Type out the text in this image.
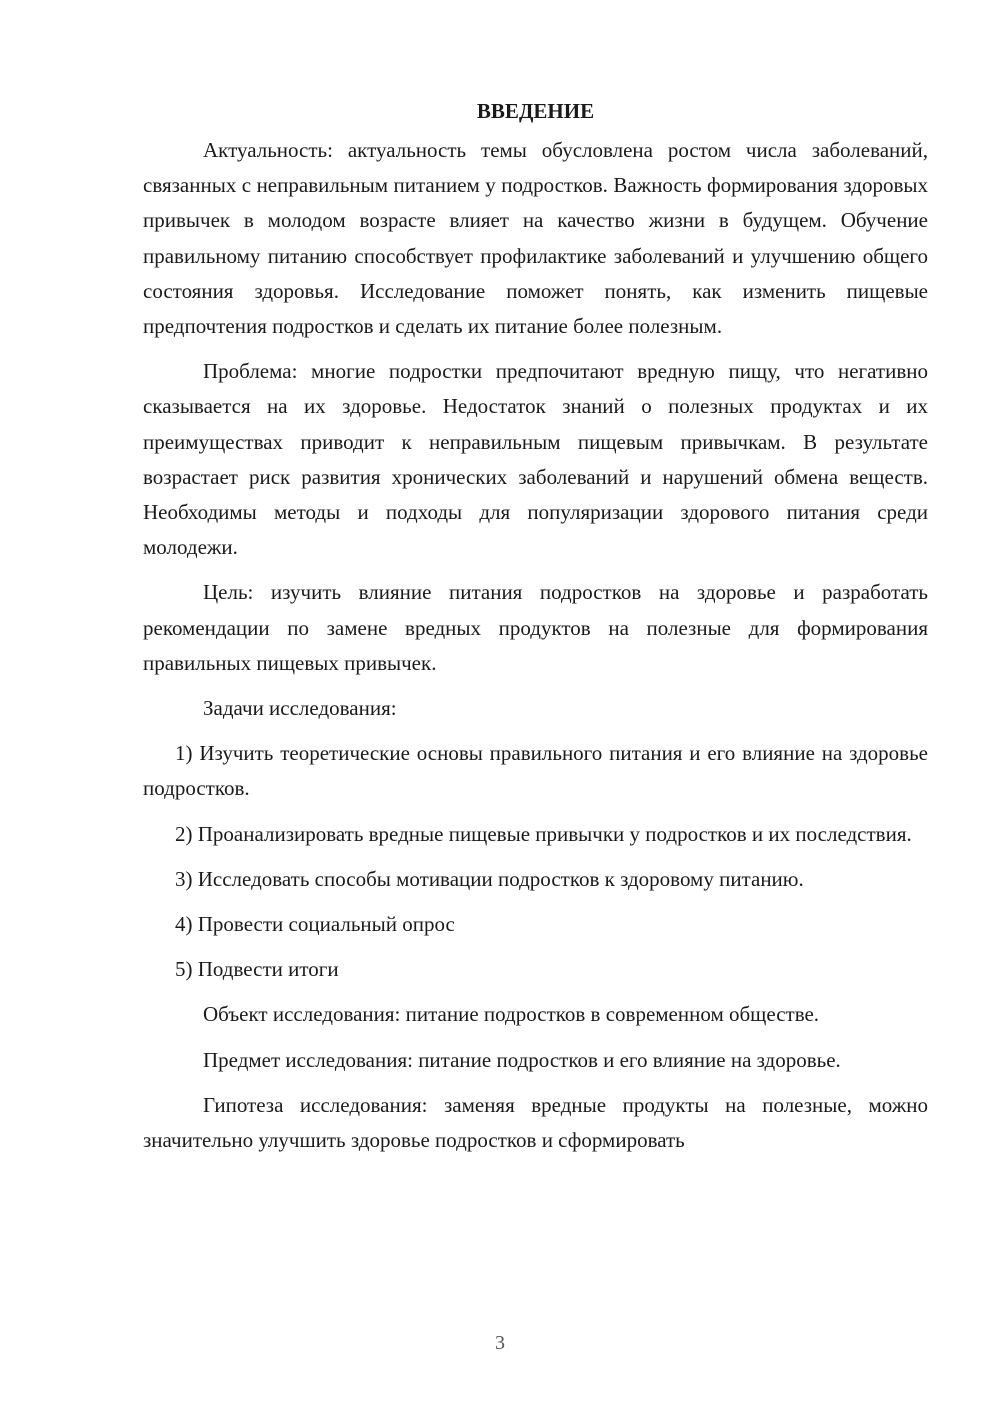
ВВЕДЕНИЕ

Актуальность: актуальность темы обусловлена ростом числа заболеваний, связанных с неправильным питанием у подростков. Важность формирования здоровых привычек в молодом возрасте влияет на качество жизни в будущем. Обучение правильному питанию способствует профилактике заболеваний и улучшению общего состояния здоровья. Исследование поможет понять, как изменить пищевые предпочтения подростков и сделать их питание более полезным.

Проблема: многие подростки предпочитают вредную пищу, что негативно сказывается на их здоровье. Недостаток знаний о полезных продуктах и их преимуществах приводит к неправильным пищевым привычкам. В результате возрастает риск развития хронических заболеваний и нарушений обмена веществ. Необходимы методы и подходы для популяризации здорового питания среди молодежи.

Цель: изучить влияние питания подростков на здоровье и разработать рекомендации по замене вредных продуктов на полезные для формирования правильных пищевых привычек.

Задачи исследования:

1) Изучить теоретические основы правильного питания и его влияние на здоровье подростков.

2) Проанализировать вредные пищевые привычки у подростков и их последствия.

3) Исследовать способы мотивации подростков к здоровому питанию.

4) Провести социальный опрос

5) Подвести итоги

Объект исследования: питание подростков в современном обществе.

Предмет исследования: питание подростков и его влияние на здоровье.

Гипотеза исследования: заменяя вредные продукты на полезные, можно значительно улучшить здоровье подростков и сформировать

3
